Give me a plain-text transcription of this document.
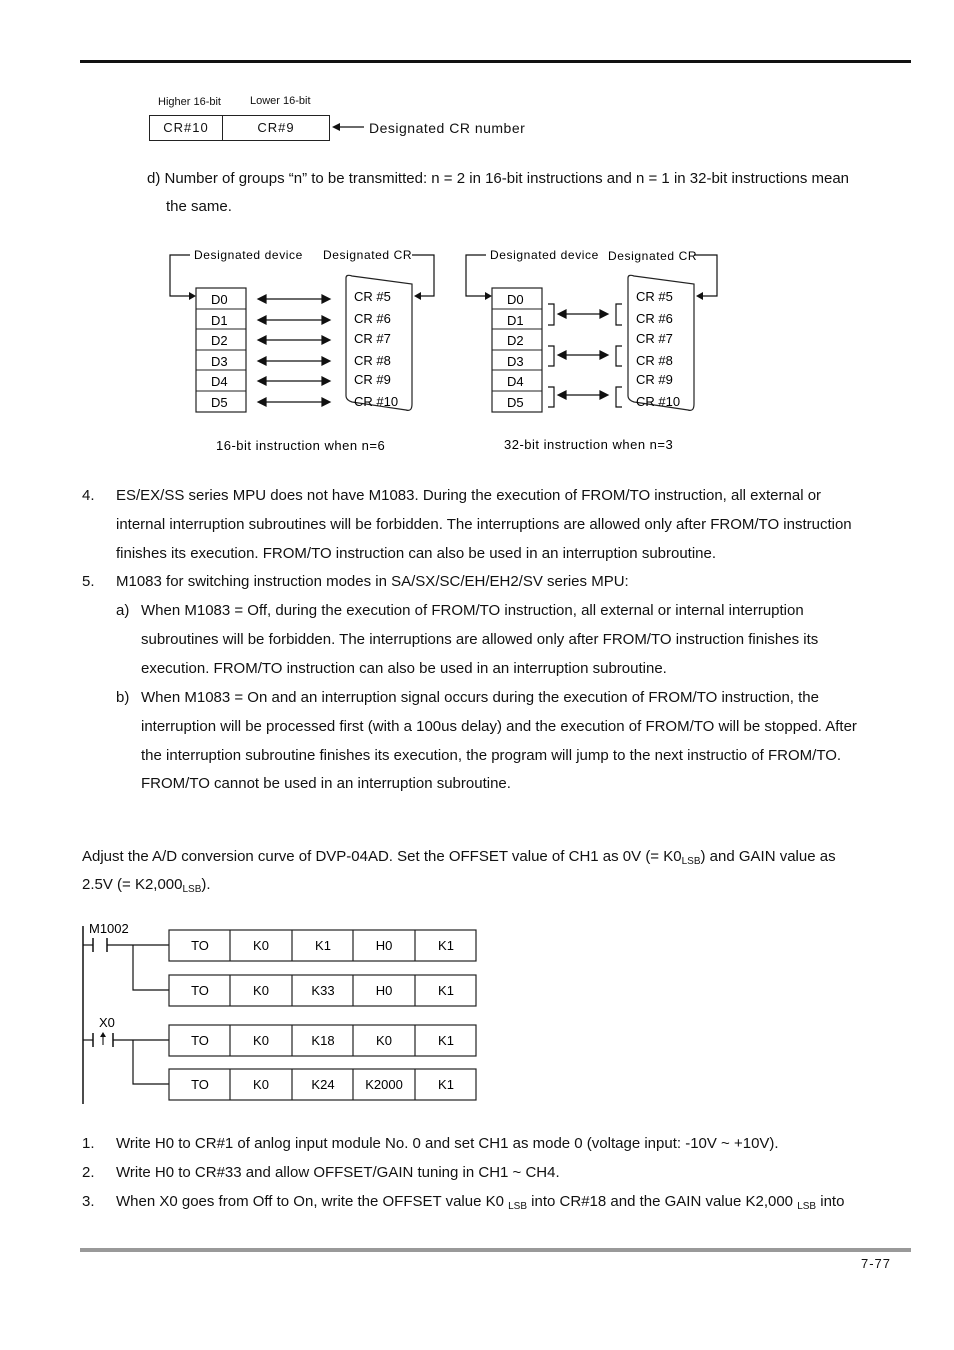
Higher 16-bit	Lower 16-bit
CR#10	CR#9	Designated CR number
d) Number of groups “n” to be transmitted: n = 2 in 16-bit instructions and n = 1 in 32-bit instructions mean
the same.
Designated device Designated CR
D0
D1
D2
D3
D4
D5
CR #5
CR #6
CR #7
CR #8
CR #9
CR #10
16-bit instruction when n=6
Designated device Designated CR
D0
D1
D2
D3
D4
D5
CR #5
CR #6
CR #7
CR #8
CR #9
CR #10
32-bit instruction when n=3
4. ES/EX/SS series MPU does not have M1083. During the execution of FROM/TO instruction, all external or
internal interruption subroutines will be forbidden. The interruptions are allowed only after FROM/TO instruction
finishes its execution. FROM/TO instruction can also be used in an interruption subroutine.
5. M1083 for switching instruction modes in SA/SX/SC/EH/EH2/SV series MPU:
a) When M1083 = Off, during the execution of FROM/TO instruction, all external or internal interruption
subroutines will be forbidden. The interruptions are allowed only after FROM/TO instruction finishes its
execution. FROM/TO instruction can also be used in an interruption subroutine.
b) When M1083 = On and an interruption signal occurs during the execution of FROM/TO instruction, the
interruption will be processed first (with a 100us delay) and the execution of FROM/TO will be stopped. After
the interruption subroutine finishes its execution, the program will jump to the next instructio of FROM/TO.
FROM/TO cannot be used in an interruption subroutine.
Adjust the A/D conversion curve of DVP-04AD. Set the OFFSET value of CH1 as 0V (= $K0_{LSB}$) and GAIN value as
2.5V (= $K2,000_{LSB}$).
M1002
X0
TO	K0	K1	H0	K1
TO	K0	K33	H0	K1
TO	K0	K18	K0	K1
TO	K0	K24 K2000	K1
1. Write H0 to CR#1 of anlog input module No. 0 and set CH1 as mode 0 (voltage input: -10V ~ +10V).
2. Write H0 to CR#33 and allow OFFSET/GAIN tuning in CH1 ~ CH4.
3. When X0 goes from Off to On, write the OFFSET value K0 $_{LSB}$ into CR#18 and the GAIN value K2,000 $_{LSB}$ into
7-77
